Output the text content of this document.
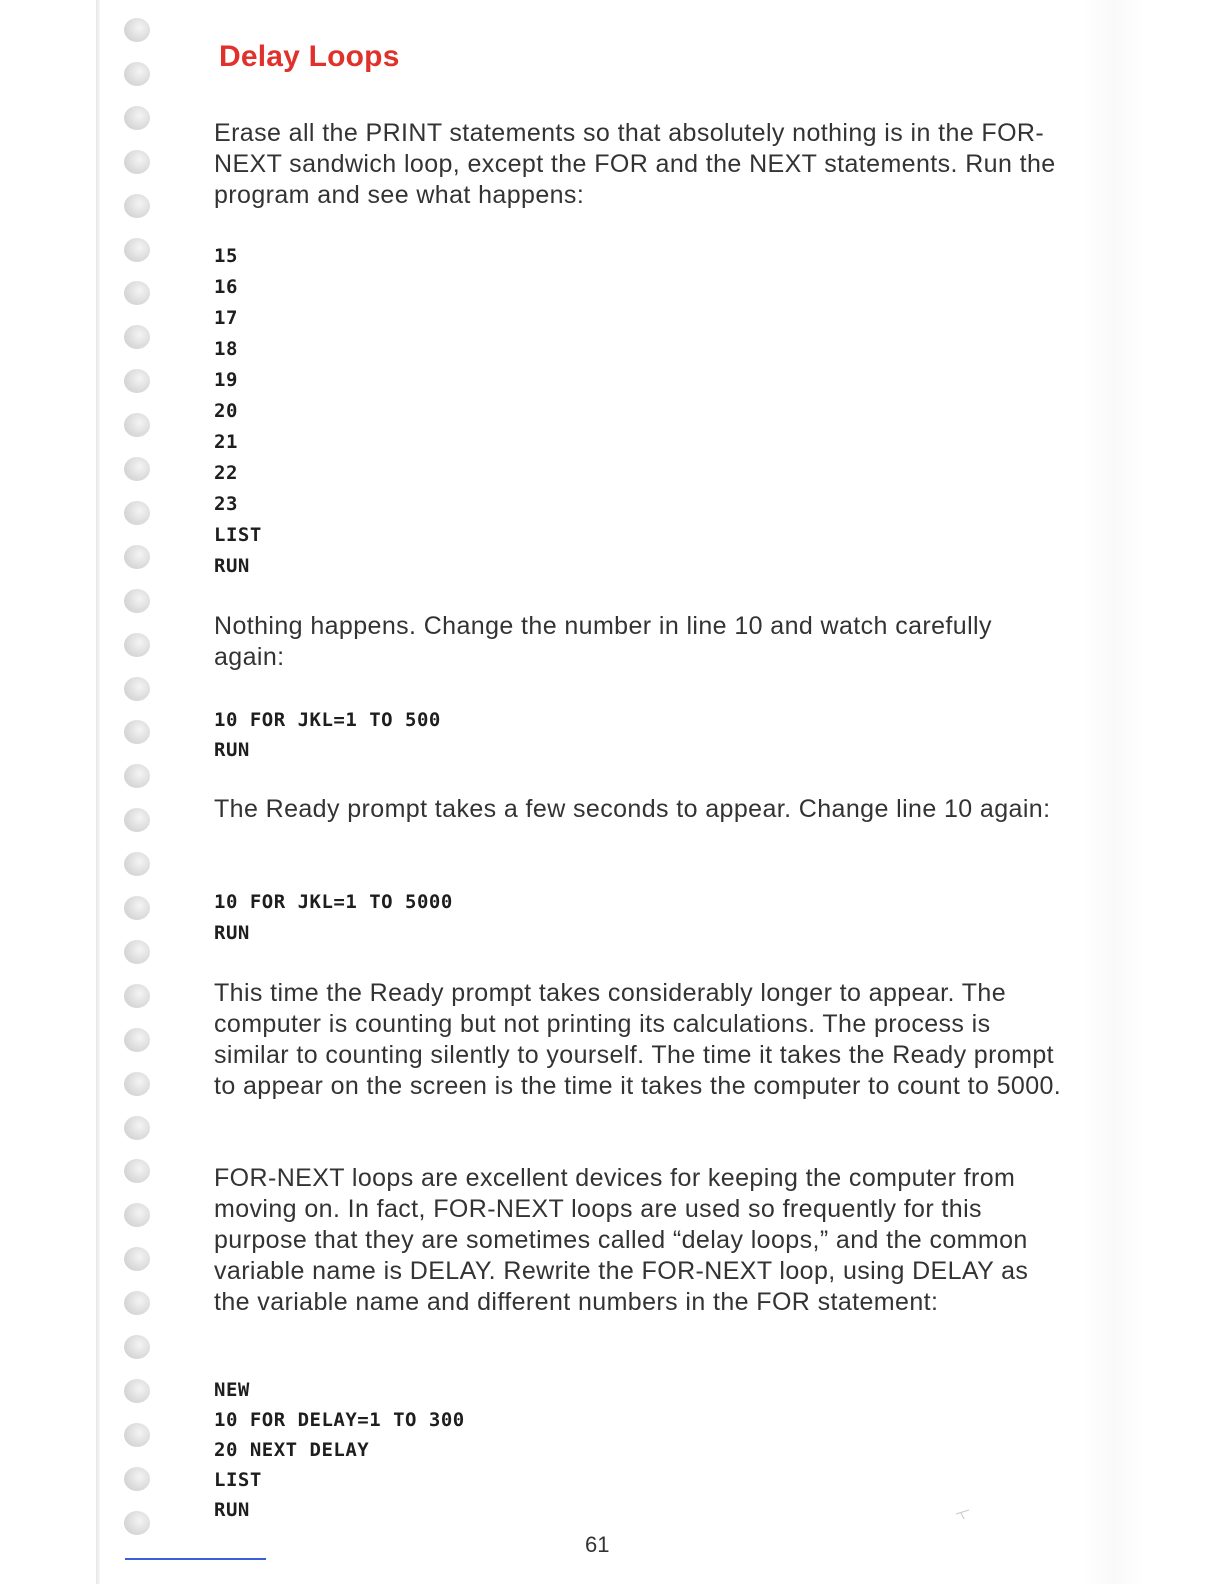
Delay Loops

Erase all the PRINT statements so that absolutely nothing is in the FOR-NEXT sandwich loop, except the FOR and the NEXT statements. Run the program and see what happens:

15
16
17
18
19
20
21
22
23
LIST
RUN

Nothing happens. Change the number in line 10 and watch carefully again:

10 FOR JKL=1 TO 500
RUN

The Ready prompt takes a few seconds to appear. Change line 10 again:

10 FOR JKL=1 TO 5000
RUN

This time the Ready prompt takes considerably longer to appear. The computer is counting but not printing its calculations. The process is similar to counting silently to yourself. The time it takes the Ready prompt to appear on the screen is the time it takes the computer to count to 5000.

FOR-NEXT loops are excellent devices for keeping the computer from moving on. In fact, FOR-NEXT loops are used so frequently for this purpose that they are sometimes called “delay loops,” and the common variable name is DELAY. Rewrite the FOR-NEXT loop, using DELAY as the variable name and different numbers in the FOR statement:

NEW
10 FOR DELAY=1 TO 300
20 NEXT DELAY
LIST
RUN
61
